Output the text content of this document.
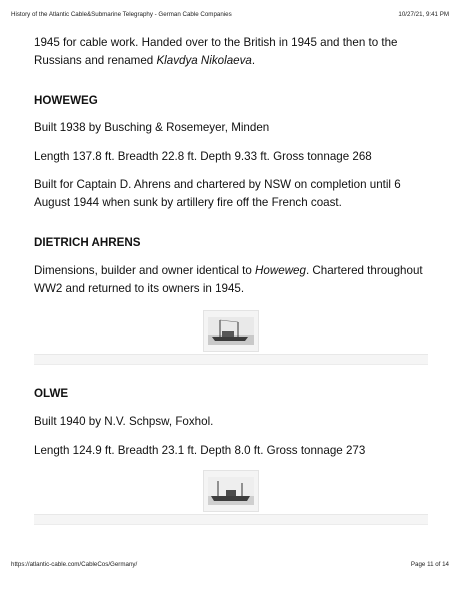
History of the Atlantic Cable&Submarine Telegraphy - German Cable Companies	10/27/21, 9:41 PM

1945 for cable work. Handed over to the British in 1945 and then to the
Russians and renamed Klavdya Nikolaeva.

HOWEWEG

Built 1938 by Busching & Rosemeyer, Minden

Length 137.8 ft. Breadth 22.8 ft. Depth 9.33 ft. Gross tonnage 268

Built for Captain D. Ahrens and chartered by NSW on completion until 6
August 1944 when sunk by artillery fire off the French coast.

DIETRICH AHRENS

Dimensions, builder and owner identical to Howeweg. Chartered throughout
WW2 and returned to its owners in 1945.

OLWE

Built 1940 by N.V. Schpsw, Foxhol.

Length 124.9 ft. Breadth 23.1 ft. Depth 8.0 ft. Gross tonnage 273

https://atlantic-cable.com/CableCos/Germany/	Page 11 of 14
